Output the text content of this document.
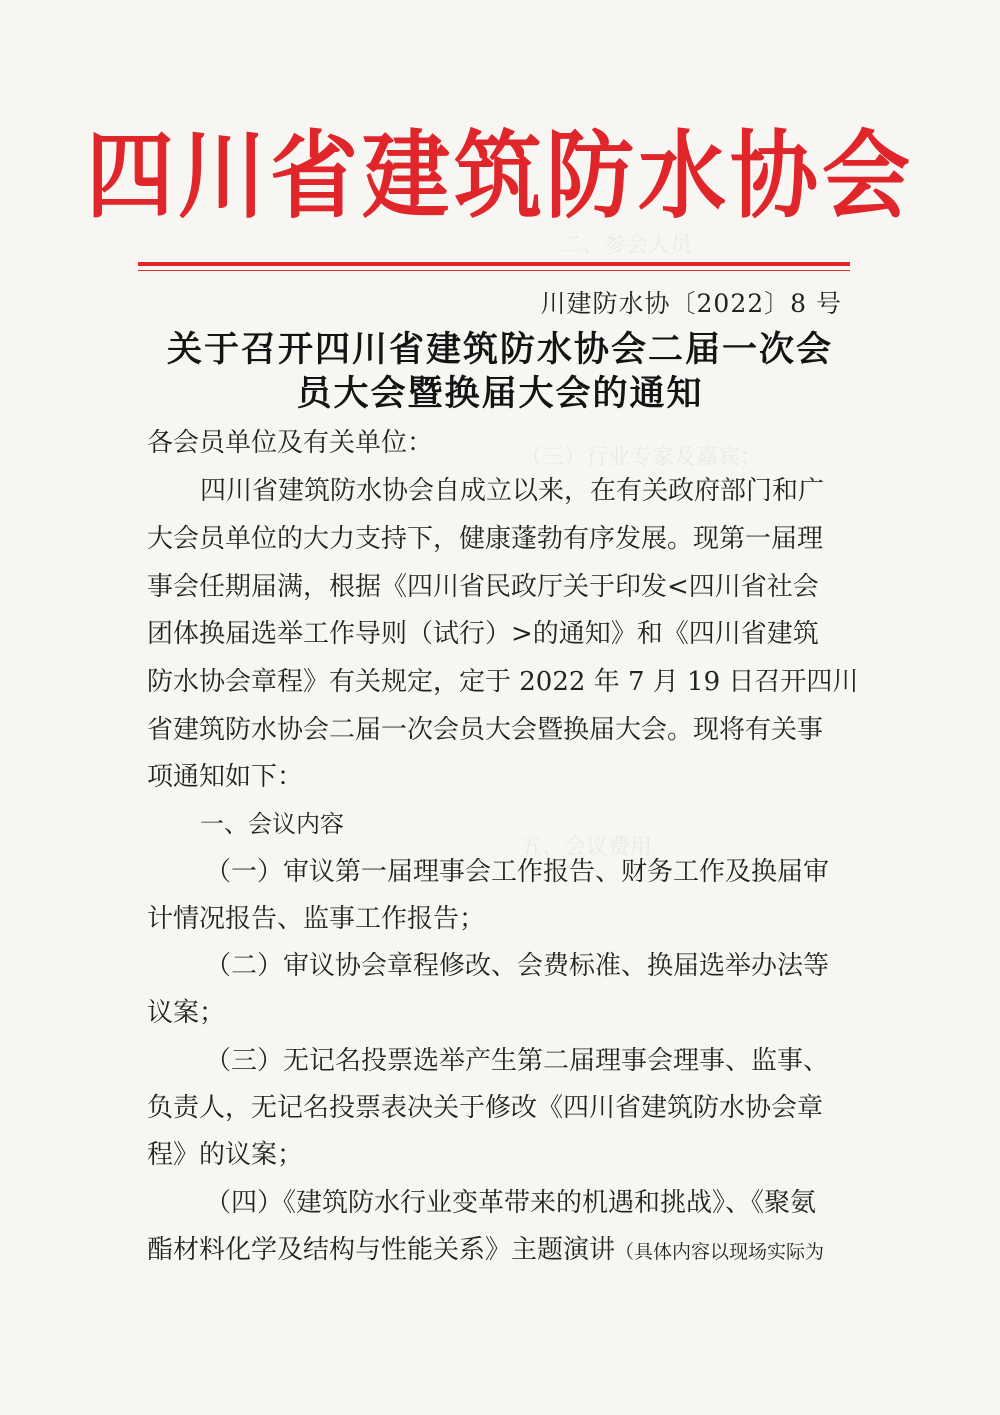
二、参会人员
（三）行业专家及嘉宾；
五、会议费用
四川省建筑防水协会
川建防水协〔2022〕8 号
关于召开四川省建筑防水协会二届一次会
员大会暨换届大会的通知
各会员单位及有关单位：
四川省建筑防水协会自成立以来，在有关政府部门和广
大会员单位的大力支持下，健康蓬勃有序发展。现第一届理
事会任期届满，根据《四川省民政厅关于印发<四川省社会
团体换届选举工作导则（试行）>的通知》和《四川省建筑
防水协会章程》有关规定，定于 2022 年 7 月 19 日召开四川
省建筑防水协会二届一次会员大会暨换届大会。现将有关事
项通知如下：
一、会议内容
（一）审议第一届理事会工作报告、财务工作及换届审
计情况报告、监事工作报告；
（二）审议协会章程修改、会费标准、换届选举办法等
议案；
（三）无记名投票选举产生第二届理事会理事、监事、
负责人，无记名投票表决关于修改《四川省建筑防水协会章
程》的议案；
（四）《建筑防水行业变革带来的机遇和挑战》、《聚氨
酯材料化学及结构与性能关系》主题演讲（具体内容以现场实际为
